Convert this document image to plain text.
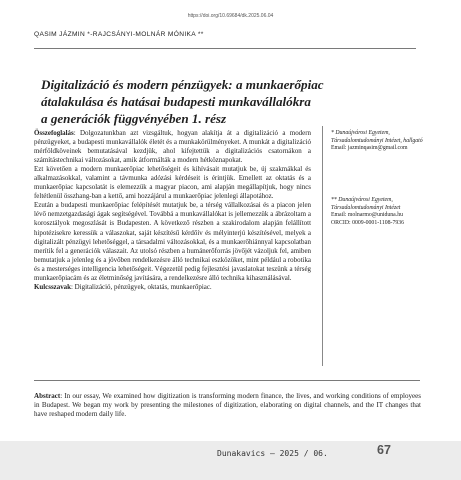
https://doi.org/10.69684/dk.2025.06.04
QASIM JÁZMIN *-RAJCSÁNYI-MOLNÁR MÓNIKA **
Digitalizáció és modern pénzügyek: a munkaerőpiac
átalakulása és hatásai budapesti munkavállalókra
a generációk függvényében 1. rész

Összefoglalás: Dolgozatunkban azt vizsgáltuk, hogyan alakítja át a digitalizáció a modern pénzügyeket, a budapesti munkavállalók életét és a munkakörülményeket. A munkát a digitalizáció mérföldköveinek bemutatásával kezdjük, ahol kifejtettük a digitalizációs csatornákon a számítástechnikai változásokat, amik átformálták a modern hétköznapokat.

Ezt követően a modern munkaerőpiac lehetőségeit és kihívásait mutatjuk be, új szakmákkal és alkalmazásokkal, valamint a távmunka adózási kérdéseit is érintjük. Emellett az oktatás és a munkaerőpiac kapcsolatát is elemezzük a magyar piacon, ami alapján megállapítjuk, hogy nincs feltétlenül összhang-ban a kettő, ami hozzájárul a munkaerőpiac jelenlegi állapotához.

Ezután a budapesti munkaerőpiac felépítését mutatjuk be, a térség vállalkozásai és a piacon jelen lévő nemzetgazdasági ágak segítségével. Továbbá a munkavállalókat is jellemezzük a ábrázoltam a korosztályok megoszlását is Budapesten. A következő részben a szakirodalom alapján felállított hipotézisekre keressük a válaszokat, saját készítésű kérdőív és mélyinterjú készítésével, melyek a digitalizált pénzügyi lehetőséggel, a társadalmi változásokkal, és a munkaerőhiánnyal kapcsolatban merítik fel a generációk válaszait. Az utolsó részben a humánerőforrás jövőjét vázoljuk fel, amiben bemutatjuk a jelenleg és a jövőben rendelkezésre álló technikai eszközöket, mint például a robotika és a mesterséges intelligencia lehetőségeit. Végezetül pedig fejlesztési javaslatokat teszünk a térség munkaerőpiacám és az életminőség javítására, a rendelkezésre álló technika kihasználásával.

Kulcsszavak: Digitalizáció, pénzügyek, oktatás, munkaerőpiac.

* Dunaújvárosi Egyetem, Társadalomtudományi Intézet, hallgató
Email: jazminqasim@gmail.com
** Dunaújvárosi Egyetem, Társadalomtudományi Intézet
Email: molnarmo@uniduna.hu
ORCID: 0009-0001-1108-7936
Abstract: In our essay, We examined how digitization is transforming modern finance, the lives, and working conditions of employees in Budapest. We began my work by presenting the milestones of digitization, elaborating on digital channels, and the IT changes that have reshaped modern daily life.
Dunakavics – 2025 / 06.	67
